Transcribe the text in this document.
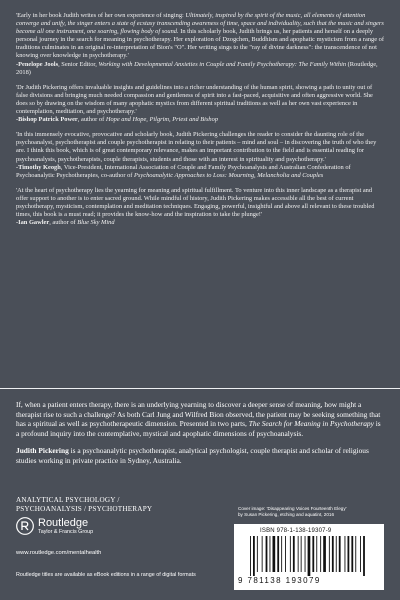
'Early in her book Judith writes of her own experience of singing: Ultimately, inspired by the spirit of the music, all elements of attention converge and unify, the singer enters a state of ecstasy transcending awareness of time, space and individuality, such that the music and singers become all one instrument, one soaring, flowing body of sound. In this scholarly book, Judith brings us, her patients and herself on a deeply personal journey in the search for meaning in psychotherapy. Her exploration of Dzogchen, Buddhism and apophatic mysticism from a range of traditions culminates in an original re-interpretation of Bion's "O". Her writing sings to the "ray of divine darkness": the transcendence of not knowing over knowledge in psychotherapy.'

-Penelope Jools, Senior Editor, Working with Developmental Anxieties in Couple and Family Psychotherapy: The Family Within (Routledge, 2018)

'Dr Judith Pickering offers invaluable insights and guidelines into a richer understanding of the human spirit, showing a path to unity out of false divisions and bringing much needed compassion and gentleness of spirit into a fast-paced, acquisitive and often aggressive world. She does so by drawing on the wisdom of many apophatic mystics from different spiritual traditions as well as her own vast experience in contemplation, meditation, and psychotherapy.'

-Bishop Patrick Power, author of Hope and Hope, Pilgrim, Priest and Bishop

'In this immensely evocative, provocative and scholarly book, Judith Pickering challenges the reader to consider the daunting role of the psychoanalyst, psychotherapist and couple psychotherapist in relating to their patients – mind and soul – in discovering the truth of who they are. I think this book, which is of great contemporary relevance, makes an important contribution to the field and is essential reading for psychoanalysts, psychotherapists, couple therapists, students and those with an interest in spirituality and psychotherapy.'

-Timothy Keogh, Vice-President, International Association of Couple and Family Psychoanalysis and Australian Confederation of Psychoanalytic Psychotherapies, co-author of Psychoanalytic Approaches to Loss: Mourning, Melancholia and Couples

'At the heart of psychotherapy lies the yearning for meaning and spiritual fulfillment. To venture into this inner landscape as a therapist and offer support to another is to enter sacred ground. While mindful of history, Judith Pickering makes accessible all the best of current psychotherapy, mysticism, contemplation and meditation techniques. Engaging, powerful, insightful and above all relevant to these troubled times, this book is a must read; it provides the know-how and the inspiration to take the plunge!'

-Ian Gawler, author of Blue Sky Mind

If, when a patient enters therapy, there is an underlying yearning to discover a deeper sense of meaning, how might a therapist rise to such a challenge? As both Carl Jung and Wilfred Bion observed, the patient may be seeking something that has a spiritual as well as psychotherapeutic dimension. Presented in two parts, The Search for Meaning in Psychotherapy is a profound inquiry into the contemplative, mystical and apophatic dimensions of psychoanalysis.

Judith Pickering is a psychoanalytic psychotherapist, analytical psychologist, couple therapist and scholar of religious studies working in private practice in Sydney, Australia.

ANALYTICAL PSYCHOLOGY /
PSYCHOANALYSIS / PSYCHOTHERAPY
Routledge
Taylor & Francis Group
www.routledge.com/mentalhealth
Routledge titles are available as eBook editions in a range of digital formats
Cover image: 'Disappearing Voices Fourteenth Elegy'
by Susan Pickering, etching and aquatint, 2016
ISBN 978-1-138-19307-9
9 781138 193079
